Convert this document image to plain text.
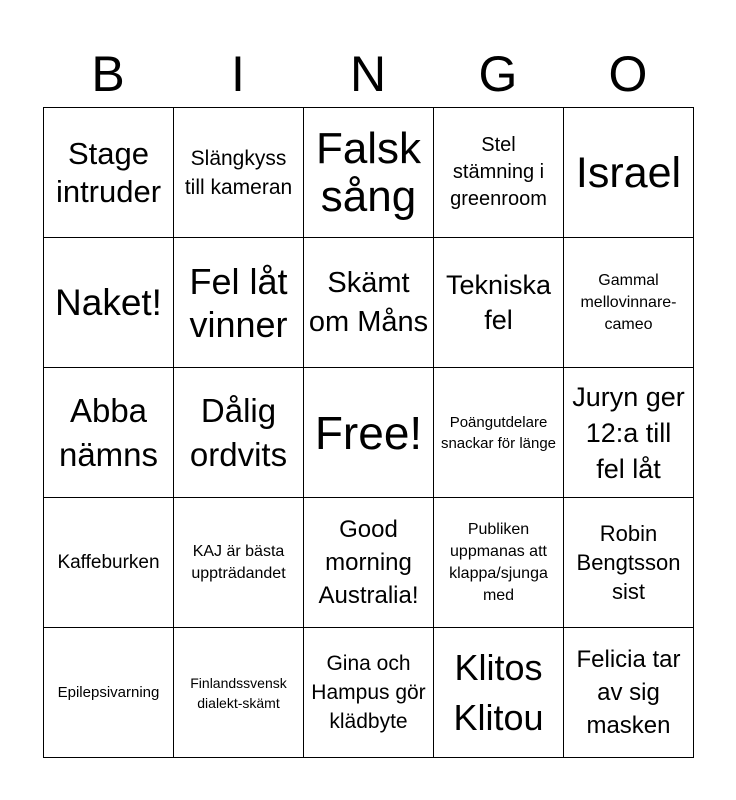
B	I	N	G	O
Stage intruder	Slängkyss till kameran	Falsk sång	Stel stämning i greenroom	Israel
Naket!	Fel låt vinner	Skämt om Måns	Tekniska fel	Gammal mellovinnare-cameo
Abba nämns	Dålig ordvits	Free!	Poängutdelare snackar för länge	Juryn ger 12:a till fel låt
Kaffeburken	KAJ är bästa uppträdandet	Good morning Australia!	Publiken uppmanas att klappa/sjunga med	Robin Bengtsson sist
Epilepsivarning	Finlandssvensk dialekt-skämt	Gina och Hampus gör klädbyte	Klitos Klitou	Felicia tar av sig masken
